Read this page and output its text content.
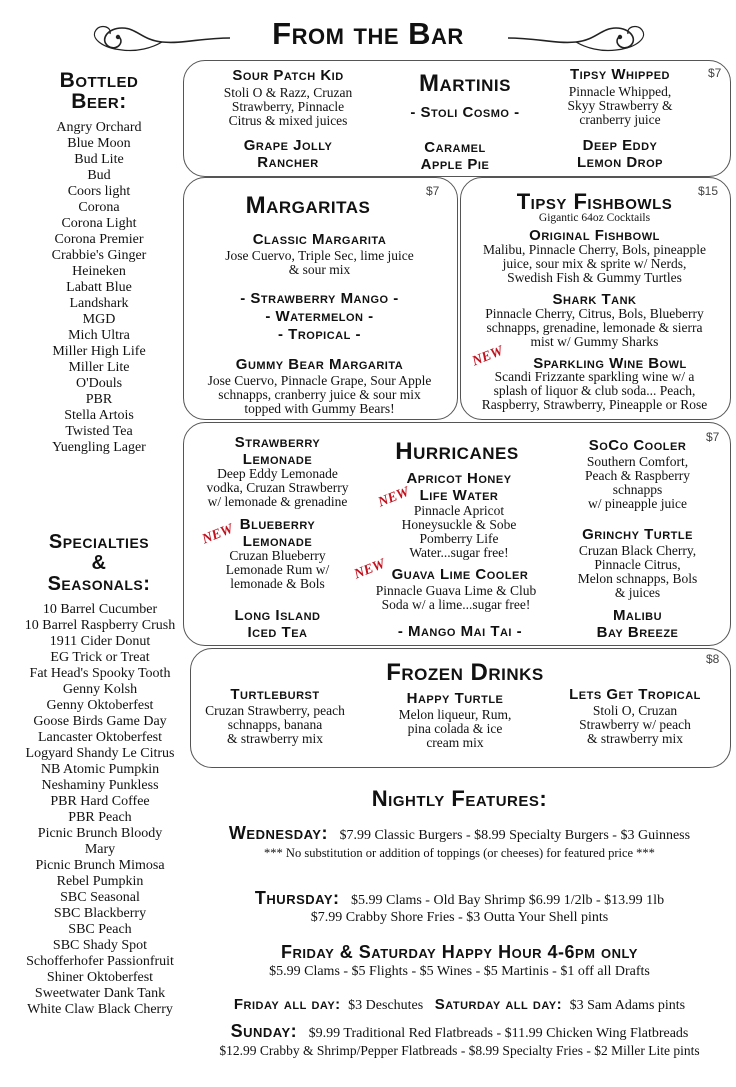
From the Bar
Bottled
Beer:
Angry Orchard
Blue Moon
Bud Lite
Bud
Coors light
Corona
Corona Light
Corona Premier
Crabbie's Ginger
Heineken
Labatt Blue
Landshark
MGD
Mich Ultra
Miller High Life
Miller Lite
O'Douls
PBR
Stella Artois
Twisted Tea
Yuengling Lager
Specialties
&
Seasonals:
10 Barrel Cucumber
10 Barrel Raspberry Crush
1911 Cider Donut
EG Trick or Treat
Fat Head's Spooky Tooth
Genny Kolsh
Genny Oktoberfest
Goose Birds Game Day
Lancaster Oktoberfest
Logyard Shandy Le Citrus
NB Atomic Pumpkin
Neshaminy Punkless
PBR Hard Coffee
PBR Peach
Picnic Brunch Bloody
Mary
Picnic Brunch Mimosa
Rebel Pumpkin
SBC Seasonal
SBC Blackberry
SBC Peach
SBC Shady Spot
Schofferhofer Passionfruit
Shiner Oktoberfest
Sweetwater Dank Tank
White Claw Black Cherry
$7
Martinis
Sour Patch Kid
Stoli O & Razz, Cruzan
Strawberry, Pinnacle
Citrus & mixed juices	- Stoli Cosmo -
Tipsy Whipped
Pinnacle Whipped,
Skyy Strawberry &
cranberry juice
Grape Jolly
Rancher
Caramel
Apple Pie
Deep Eddy
Lemon Drop
$7
Margaritas
Classic Margarita
Jose Cuervo, Triple Sec, lime juice
& sour mix
- Strawberry Mango -
- Watermelon -
- Tropical -
Gummy Bear Margarita
Jose Cuervo, Pinnacle Grape, Sour Apple
schnapps, cranberry juice & sour mix
topped with Gummy Bears!
$15
Tipsy Fishbowls
Gigantic 64oz Cocktails
Original Fishbowl
Malibu, Pinnacle Cherry, Bols, pineapple
juice, sour mix & sprite w/ Nerds,
Swedish Fish & Gummy Turtles
Shark Tank
Pinnacle Cherry, Citrus, Bols, Blueberry
schnapps, grenadine, lemonade & sierra
mist w/ Gummy Sharks
NEW	Sparkling Wine Bowl
Scandi Frizzante sparkling wine w/ a
splash of liquor & club soda... Peach,
Raspberry, Strawberry, Pineapple or Rose
$7
Hurricanes
Strawberry
Lemonade
Deep Eddy Lemonade
vodka, Cruzan Strawberry
w/ lemonade & grenadine
NEW Blueberry
Lemonade
Cruzan Blueberry
Lemonade Rum w/
lemonade & Bols
Long Island
Iced Tea
NEW
Apricot Honey
Life Water
Pinnacle Apricot
Honeysuckle & Sobe
Pomberry Life
Water...sugar free!
NEW Guava Lime Cooler
Pinnacle Guava Lime & Club
Soda w/ a lime...sugar free!
- Mango Mai Tai -
SoCo Cooler
Southern Comfort,
Peach & Raspberry
schnapps
w/ pineapple juice
Grinchy Turtle
Cruzan Black Cherry,
Pinnacle Citrus,
Melon schnapps, Bols
& juices
Malibu
Bay Breeze
$8
Frozen Drinks
Turtleburst
Cruzan Strawberry, peach
schnapps, banana
& strawberry mix
Happy Turtle
Melon liqueur, Rum,
pina colada & ice
cream mix
Lets Get Tropical
Stoli O, Cruzan
Strawberry w/ peach
& strawberry mix
Nightly Features:
Wednesday: $7.99 Classic Burgers - $8.99 Specialty Burgers - $3 Guinness
*** No substitution or addition of toppings (or cheeses) for featured price ***
Thursday: $5.99 Clams - Old Bay Shrimp $6.99 1/2lb - $13.99 1lb
$7.99 Crabby Shore Fries - $3 Outta Your Shell pints
Friday & Saturday Happy Hour 4-6pm only
$5.99 Clams - $5 Flights - $5 Wines - $5 Martinis - $1 off all Drafts
Friday all day: $3 Deschutes Saturday all day: $3 Sam Adams pints
Sunday: $9.99 Traditional Red Flatbreads - $11.99 Chicken Wing Flatbreads
$12.99 Crabby & Shrimp/Pepper Flatbreads - $8.99 Specialty Fries - $2 Miller Lite pints
